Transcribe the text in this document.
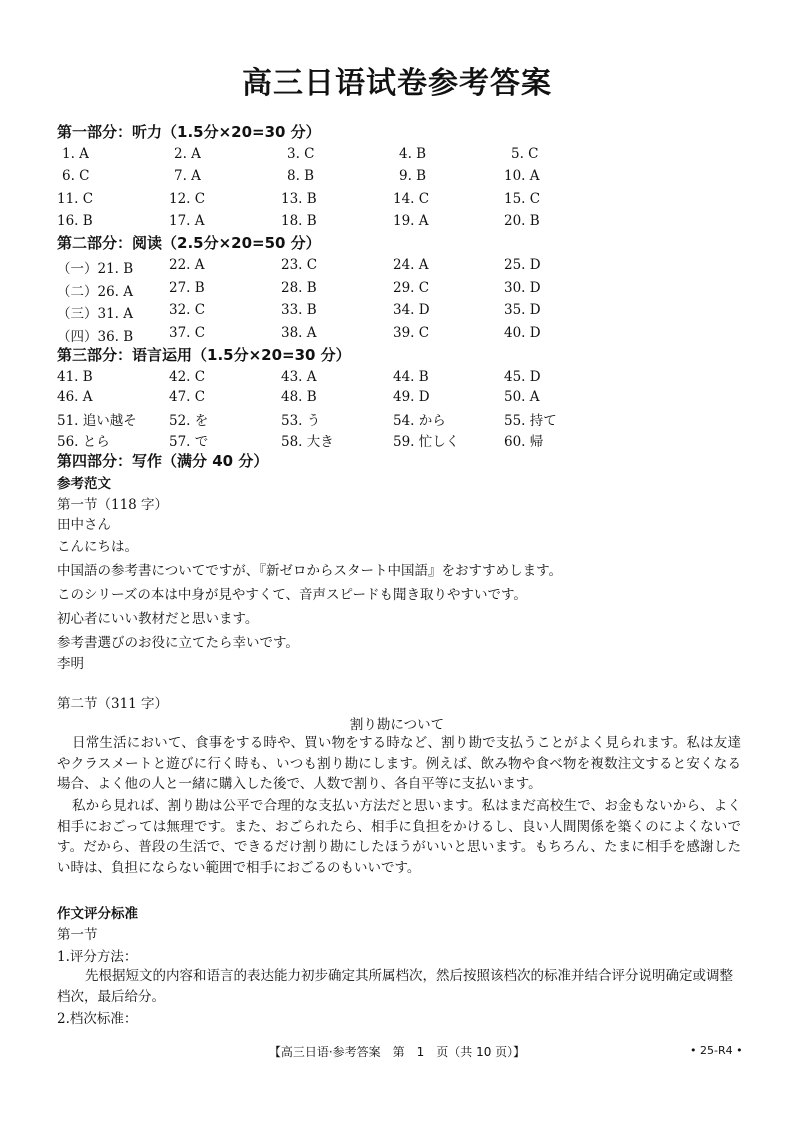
高三日语试卷参考答案
第一部分：听力（1.5分×20=30 分）
1. A	2. A	3. C	4. B	5. C
6. C	7. A	8. B	9. B	10. A
11. C	12. C	13. B	14. C	15. C
16. B	17. A	18. B	19. A	20. B
第二部分：阅读（2.5分×20=50 分）
（一）21. B	22. A	23. C	24. A	25. D
（二）26. A	27. B	28. B	29. C	30. D
（三）31. A	32. C	33. B	34. D	35. D
（四）36. B	37. C	38. A	39. C	40. D
第三部分：语言运用（1.5分×20=30 分）
41. B	42. C	43. A	44. B	45. D
46. A	47. C	48. B	49. D	50. A
51. 追い越そ 52. を	53. う	54. から	55. 持て
56. とら	57. で	58. 大き	59. 忙しく	60. 帰
第四部分：写作（满分 40 分）
参考范文
第一节（118 字）
田中さん
こんにちは。
中国語の参考書についてですが、『新ゼロからスタート中国語』をおすすめします。
このシリーズの本は中身が見やすくて、音声スピードも聞き取りやすいです。
初心者にいい教材だと思います。
参考書選びのお役に立てたら幸いです。
李明
第二节（311 字）
割り勘について

日常生活において、食事をする時や、買い物をする時など、割り勘で支払うことがよく見られます。私は友達やクラスメートと遊びに行く時も、いつも割り勘にします。例えば、飲み物や食べ物を複数注文すると安くなる場合、よく他の人と一緒に購入した後で、人数で割り、各自平等に支払います。

私から見れば、割り勘は公平で合理的な支払い方法だと思います。私はまだ高校生で、お金もないから、よく相手におごっては無理です。また、おごられたら、相手に負担をかけるし、良い人間関係を築くのによくないです。だから、普段の生活で、できるだけ割り勘にしたほうがいいと思います。もちろん、たまに相手を感謝したい時は、負担にならない範囲で相手におごるのもいいです。

作文评分标准
第一节
1.评分方法：

先根据短文的内容和语言的表达能力初步确定其所属档次，然后按照该档次的标准并结合评分说明确定或调整档次，最后给分。

2.档次标准：
【高三日语·参考答案　第　1　页（共 10 页）】	• 25-R4 •
